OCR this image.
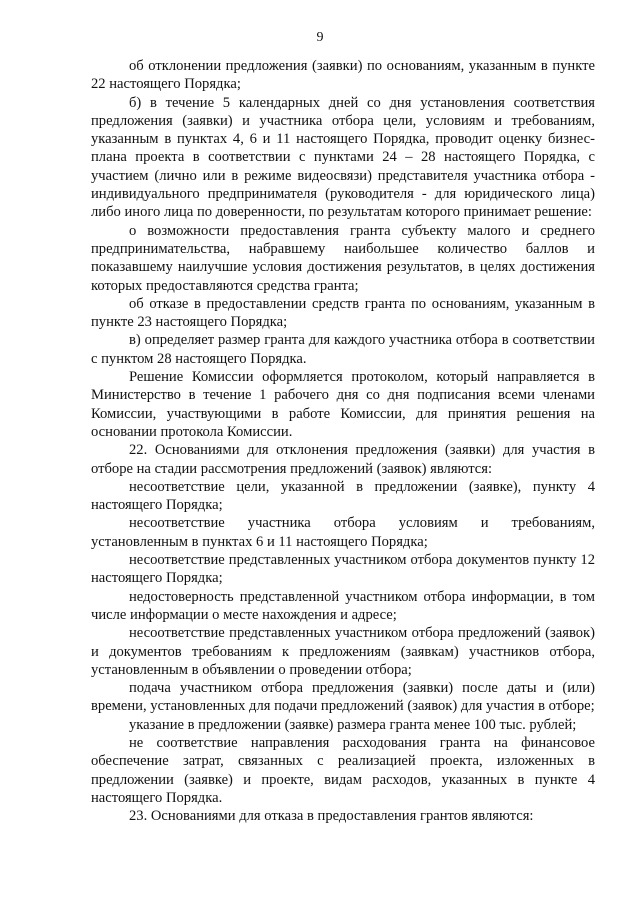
9

об отклонении предложения (заявки) по основаниям, указанным в пункте 22 настоящего Порядка;

б) в течение 5 календарных дней со дня установления соответствия предложения (заявки) и участника отбора цели, условиям и требованиям, указанным в пунктах 4, 6 и 11 настоящего Порядка, проводит оценку бизнес-плана проекта в соответствии с пунктами 24 – 28 настоящего Порядка, с участием (лично или в режиме видеосвязи) представителя участника отбора - индивидуального предпринимателя (руководителя - для юридического лица) либо иного лица по доверенности, по результатам которого принимает решение:

о возможности предоставления гранта субъекту малого и среднего предпринимательства, набравшему наибольшее количество баллов и показавшему наилучшие условия достижения результатов, в целях достижения которых предоставляются средства гранта;

об отказе в предоставлении средств гранта по основаниям, указанным в пункте 23 настоящего Порядка;

в) определяет размер гранта для каждого участника отбора в соответствии с пунктом 28 настоящего Порядка.

Решение Комиссии оформляется протоколом, который направляется в Министерство в течение 1 рабочего дня со дня подписания всеми членами Комиссии, участвующими в работе Комиссии, для принятия решения на основании протокола Комиссии.

22. Основаниями для отклонения предложения (заявки) для участия в отборе на стадии рассмотрения предложений (заявок) являются:

несоответствие цели, указанной в предложении (заявке), пункту 4 настоящего Порядка;

несоответствие участника отбора условиям и требованиям, установленным в пунктах 6 и 11 настоящего Порядка;

несоответствие представленных участником отбора документов пункту 12 настоящего Порядка;

недостоверность представленной участником отбора информации, в том числе информации о месте нахождения и адресе;

несоответствие представленных участником отбора предложений (заявок) и документов требованиям к предложениям (заявкам) участников отбора, установленным в объявлении о проведении отбора;

подача участником отбора предложения (заявки) после даты и (или) времени, установленных для подачи предложений (заявок) для участия в отборе;

указание в предложении (заявке) размера гранта менее 100 тыс. рублей;

не соответствие направления расходования гранта на финансовое обеспечение затрат, связанных с реализацией проекта, изложенных в предложении (заявке) и проекте, видам расходов, указанных в пункте 4 настоящего Порядка.

23. Основаниями для отказа в предоставления грантов являются:
